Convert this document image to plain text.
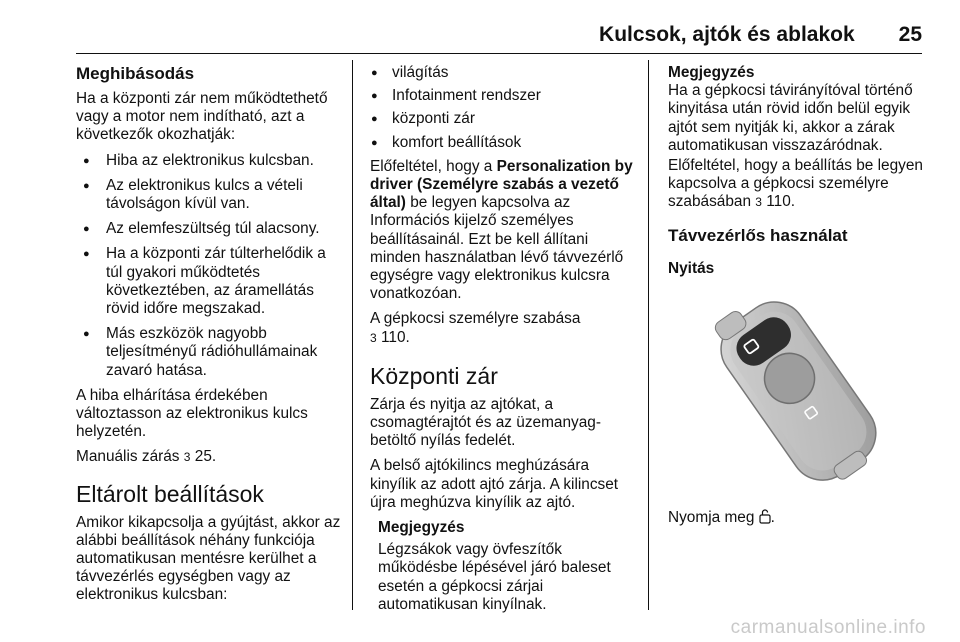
Kulcsok, ajtók és ablakok 25
Meghibásodás

Ha a központi zár nem működtethető vagy a motor nem indítható, azt a következők okozhatják:

● Hiba az elektronikus kulcsban.
● Az elektronikus kulcs a vételi távolságon kívül van.
● Az elemfeszültség túl alacsony.
● Ha a központi zár túlterhelődik a túl gyakori működtetés következtében, az áramellátás rövid időre megszakad.
● Más eszközök nagyobb teljesítményű rádióhullámainak zavaró hatása.

A hiba elhárítása érdekében változtasson az elektronikus kulcs helyzetén.

Manuális zárás 3 25.

Eltárolt beállítások

Amikor kikapcsolja a gyújtást, akkor az alábbi beállítások néhány funkciója automatikusan mentésre kerülhet a távvezérlés egységben vagy az elektronikus kulcsban:

● világítás
● Infotainment rendszer
● központi zár
● komfort beállítások

Előfeltétel, hogy a Personalization by driver (Személyre szabás a vezető által) be legyen kapcsolva az Információs kijelző személyes beállításainál. Ezt be kell állítani minden használatban lévő távvezérlő egységre vagy elektronikus kulcsra vonatkozóan.

A gépkocsi személyre szabása
3 110.

Központi zár

Zárja és nyitja az ajtókat, a csomagtérajtót és az üzemanyag-betöltő nyílás fedelét.

A belső ajtókilincs meghúzására kinyílik az adott ajtó zárja. A kilincset újra meghúzva kinyílik az ajtó.

Megjegyzés
Légzsákok vagy övfeszítők működésbe lépésével járó baleset esetén a gépkocsi zárjai automatikusan kinyílnak.
Megjegyzés

Ha a gépkocsi távirányítóval történő kinyitása után rövid időn belül egyik ajtót sem nyitják ki, akkor a zárak automatikusan visszazáródnak.

Előfeltétel, hogy a beállítás be legyen kapcsolva a gépkocsi személyre szabásában 3 110.

Távvezérlős használat
Nyitás

Nyomja meg .

carmanualsonline.info
